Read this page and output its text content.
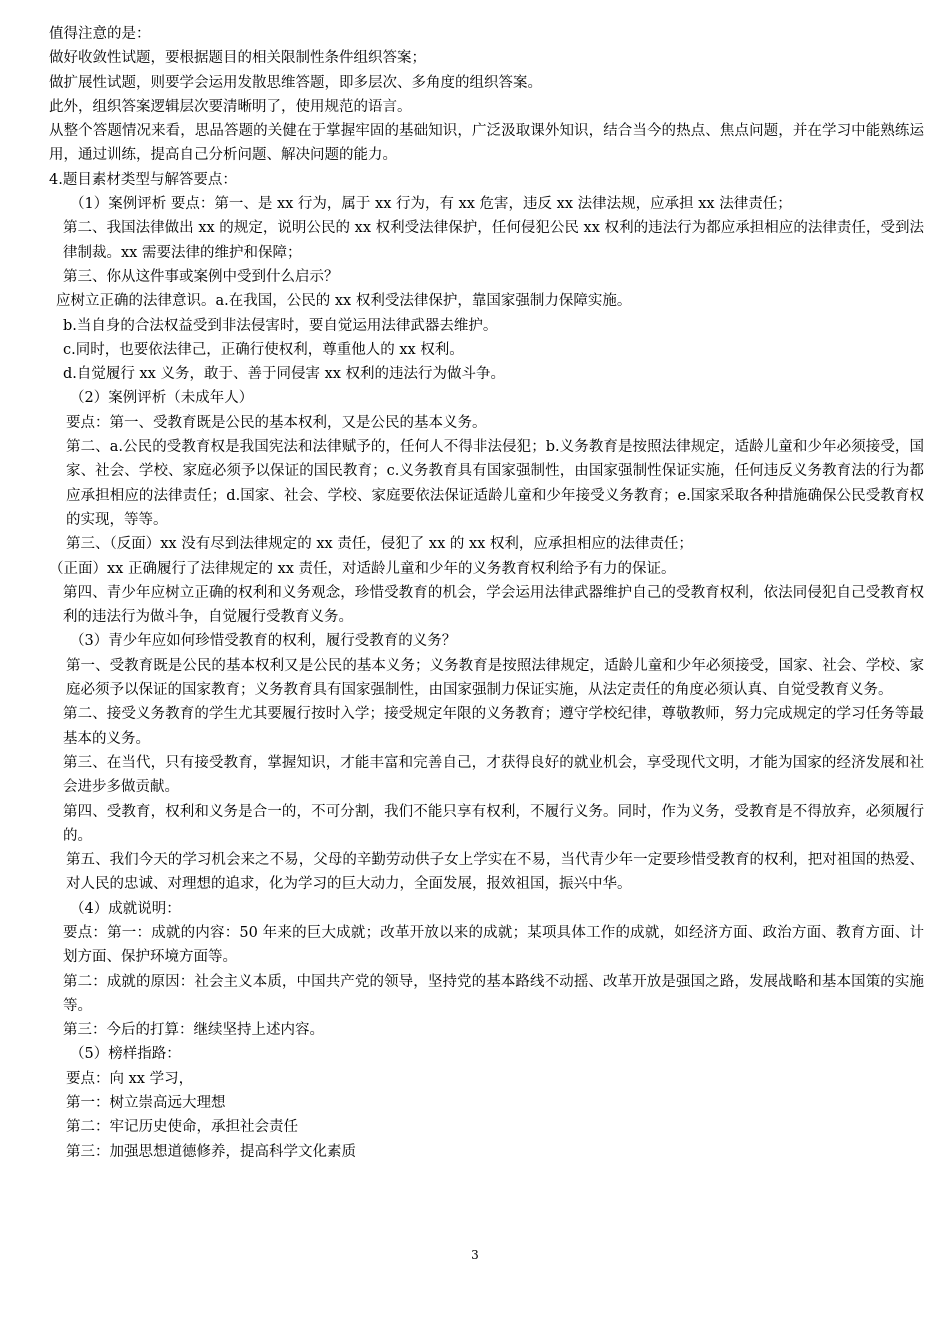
值得注意的是：

做好收敛性试题，要根据题目的相关限制性条件组织答案；

做扩展性试题，则要学会运用发散思维答题，即多层次、多角度的组织答案。

此外，组织答案逻辑层次要清晰明了，使用规范的语言。

从整个答题情况来看，思品答题的关健在于掌握牢固的基础知识，广泛汲取课外知识，结合当今的热点、焦点问题，并在学习中能熟练运用，通过训练，提高自己分析问题、解决问题的能力。

4.题目素材类型与解答要点：

（1）案例评析 要点：第一、是 xx 行为，属于 xx 行为，有 xx 危害，违反 xx 法律法规，应承担 xx 法律责任；

第二、我国法律做出 xx 的规定，说明公民的 xx 权利受法律保护，任何侵犯公民 xx 权利的违法行为都应承担相应的法律责任，受到法律制裁。xx 需要法律的维护和保障；

第三、你从这件事或案例中受到什么启示？

应树立正确的法律意识。a.在我国，公民的 xx 权利受法律保护，靠国家强制力保障实施。

b.当自身的合法权益受到非法侵害时，要自觉运用法律武器去维护。

c.同时，也要依法律己，正确行使权利，尊重他人的 xx 权利。

d.自觉履行 xx 义务，敢于、善于同侵害 xx 权利的违法行为做斗争。

（2）案例评析（未成年人）

要点：第一、受教育既是公民的基本权利，又是公民的基本义务。

第二、a.公民的受教育权是我国宪法和法律赋予的，任何人不得非法侵犯；b.义务教育是按照法律规定，适龄儿童和少年必须接受，国家、社会、学校、家庭必须予以保证的国民教育；c.义务教育具有国家强制性，由国家强制性保证实施，任何违反义务教育法的行为都应承担相应的法律责任；d.国家、社会、学校、家庭要依法保证适龄儿童和少年接受义务教育；e.国家采取各种措施确保公民受教育权的实现，等等。

第三、（反面）xx 没有尽到法律规定的 xx 责任，侵犯了 xx 的 xx 权利，应承担相应的法律责任；

（正面）xx 正确履行了法律规定的 xx 责任，对适龄儿童和少年的义务教育权利给予有力的保证。

第四、青少年应树立正确的权利和义务观念，珍惜受教育的机会，学会运用法律武器维护自己的受教育权利，依法同侵犯自己受教育权利的违法行为做斗争，自觉履行受教育义务。

（3）青少年应如何珍惜受教育的权利，履行受教育的义务？

第一、受教育既是公民的基本权利又是公民的基本义务；义务教育是按照法律规定，适龄儿童和少年必须接受，国家、社会、学校、家庭必须予以保证的国家教育；义务教育具有国家强制性，由国家强制力保证实施，从法定责任的角度必须认真、自觉受教育义务。

第二、接受义务教育的学生尤其要履行按时入学；接受规定年限的义务教育；遵守学校纪律，尊敬教师，努力完成规定的学习任务等最基本的义务。

第三、在当代，只有接受教育，掌握知识，才能丰富和完善自己，才获得良好的就业机会，享受现代文明，才能为国家的经济发展和社会进步多做贡献。

第四、受教育，权利和义务是合一的，不可分割，我们不能只享有权利，不履行义务。同时，作为义务，受教育是不得放弃，必须履行的。

第五、我们今天的学习机会来之不易，父母的辛勤劳动供子女上学实在不易，当代青少年一定要珍惜受教育的权利，把对祖国的热爱、对人民的忠诚、对理想的追求，化为学习的巨大动力，全面发展，报效祖国，振兴中华。

（4）成就说明：

要点：第一：成就的内容：50 年来的巨大成就；改革开放以来的成就；某项具体工作的成就，如经济方面、政治方面、教育方面、计划方面、保护环境方面等。

第二：成就的原因：社会主义本质，中国共产党的领导，坚持党的基本路线不动摇、改革开放是强国之路，发展战略和基本国策的实施等。

第三：今后的打算：继续坚持上述内容。

（5）榜样指路：

要点：向 xx 学习，

第一：树立崇高远大理想

第二：牢记历史使命，承担社会责任

第三：加强思想道德修养，提高科学文化素质

3
